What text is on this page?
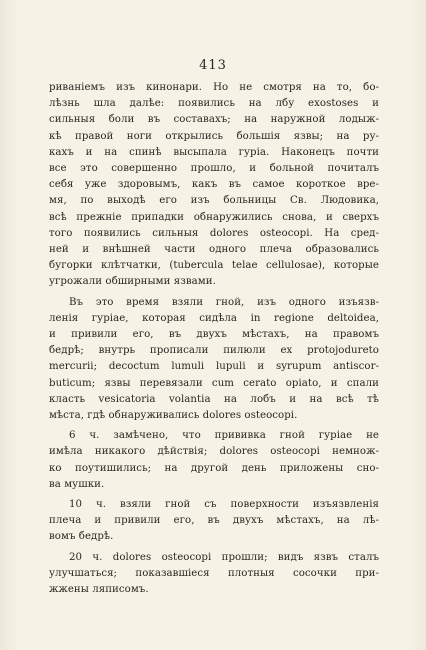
413
риваніемъ изъ кинонари. Но не смотря на то, бо-
лѣзнь шла далѣе: появились на лбу exostoses и
сильныя боли въ составахъ; на наружной лодыж-
кѣ правой ноги открылись большія язвы; на ру-
кахъ и на спинѣ высыпала гуріа. Наконецъ почти
все это совершенно прошло, и больной почиталъ
себя уже здоровымъ, какъ въ самое короткое вре-
мя, по выходѣ его изъ больницы Св. Людовика,
всѣ прежніе припадки обнаружились снова, и сверхъ
того появились сильныя dolores osteocopi. На сред-
ней и внѣшней части одного плеча образовались
бугорки клѣтчатки, (tubercula telae cellulosae), которые
угрожали обширными язвами.
Въ это время взяли гной, изъ одного изъязв-
ленія гуріае, которая сидѣла in regione deltoidea,
и привили его, въ двухъ мѣстахъ, на правомъ
бедрѣ; внутрь прописали пилюли ex protojodureto
mercurii; decoctum lumuli lupuli и syrupum antiscor-
buticum; язвы перевязали cum cerato opiato, и спали
класть vesicatoria volantia на лобъ и на всѣ тѣ
мѣста, гдѣ обнаруживались dolores osteocopi.
6 ч. замѣчено, что прививка гной гуріае не
имѣла никакого дѣйствія; dolores osteocopi немнож-
ко поутишились; на другой день приложены сно-
ва мушки.
10 ч. взяли гной съ поверхности изъязвленія
плеча и привили его, въ двухъ мѣстахъ, на лѣ-
вомъ бедрѣ.
20 ч. dolores osteocopi прошли; видъ язвъ сталъ
улучшаться; показавшіеся плотныя сосочки при-
жжены ляписомъ.
